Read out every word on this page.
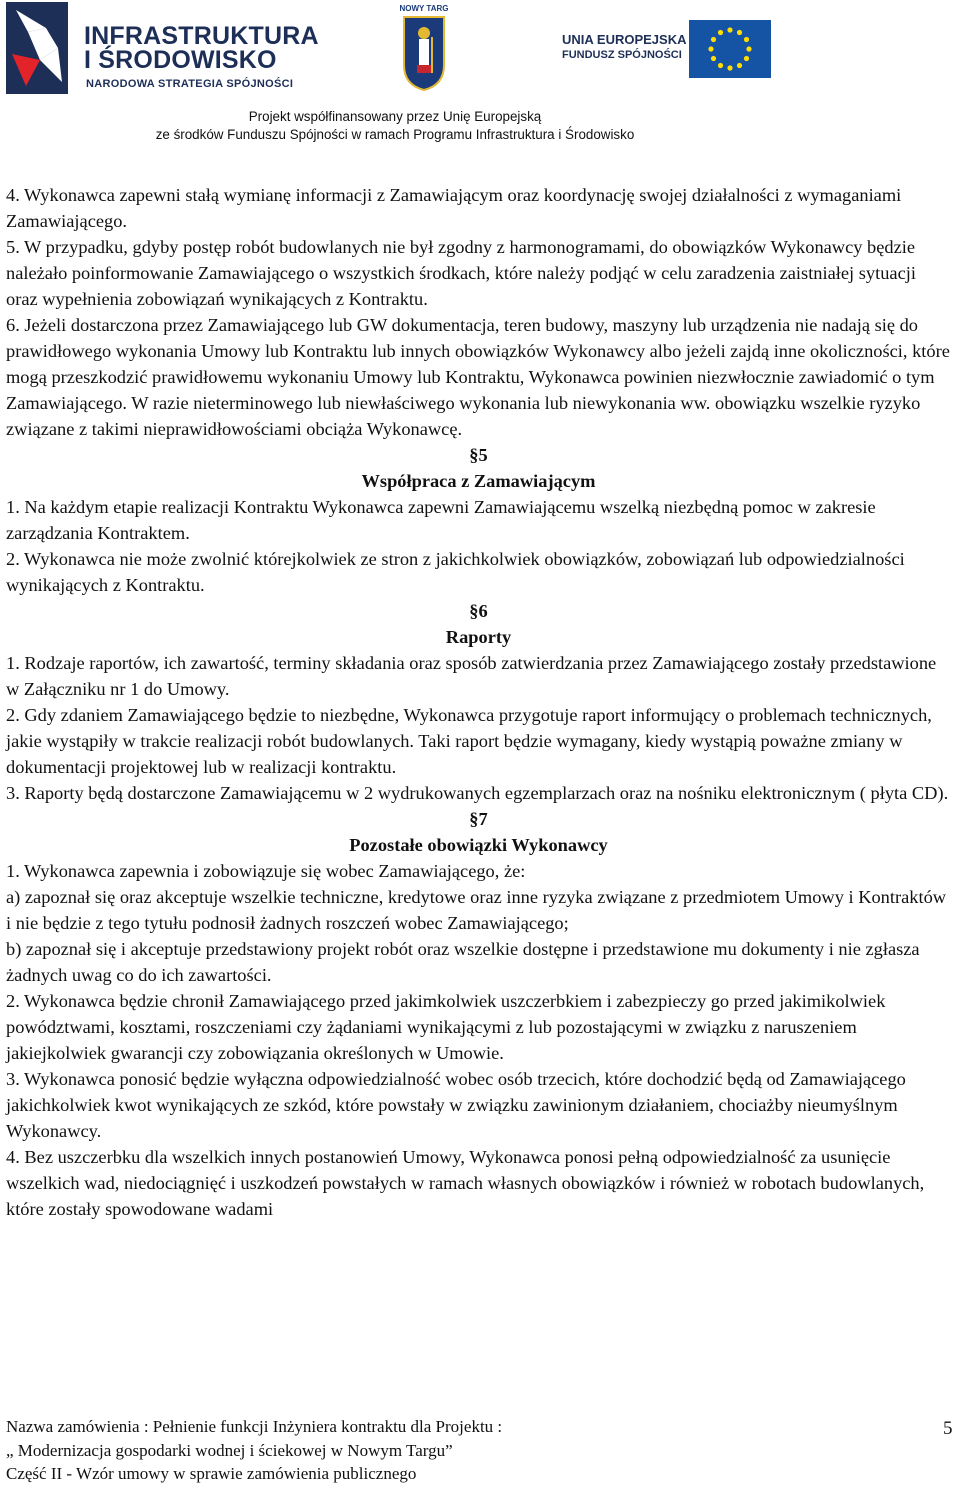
INFRASTRUKTURA
I ŚRODOWISKO
NARODOWA STRATEGIA SPÓJNOŚCI
NOWY TARG
UNIA EUROPEJSKA
FUNDUSZ SPÓJNOŚCI
Projekt współfinansowany przez Unię Europejską
ze środków Funduszu Spójności w ramach Programu Infrastruktura i Środowisko

4. Wykonawca zapewni stałą wymianę informacji z Zamawiającym oraz koordynację swojej działalności z wymaganiami Zamawiającego.

5. W przypadku, gdyby postęp robót budowlanych nie był zgodny z harmonogramami, do obowiązków Wykonawcy będzie należało poinformowanie Zamawiającego o wszystkich środkach, które należy podjąć w celu zaradzenia zaistniałej sytuacji oraz wypełnienia zobowiązań wynikających z Kontraktu.

6. Jeżeli dostarczona przez Zamawiającego lub GW dokumentacja, teren budowy, maszyny lub urządzenia nie nadają się do prawidłowego wykonania Umowy lub Kontraktu lub innych obowiązków Wykonawcy albo jeżeli zajdą inne okoliczności, które mogą przeszkodzić prawidłowemu wykonaniu Umowy lub Kontraktu, Wykonawca powinien niezwłocznie zawiadomić o tym Zamawiającego. W razie nieterminowego lub niewłaściwego wykonania lub niewykonania ww. obowiązku wszelkie ryzyko związane z takimi nieprawidłowościami obciąża Wykonawcę.

§5

Współpraca z Zamawiającym

1. Na każdym etapie realizacji Kontraktu Wykonawca zapewni Zamawiającemu wszelką niezbędną pomoc w zakresie zarządzania Kontraktem.

2. Wykonawca nie może zwolnić którejkolwiek ze stron z jakichkolwiek obowiązków, zobowiązań lub odpowiedzialności wynikających z Kontraktu.

§6

Raporty

1. Rodzaje raportów, ich zawartość, terminy składania oraz sposób zatwierdzania przez Zamawiającego zostały przedstawione w Załączniku nr 1 do Umowy.

2. Gdy zdaniem Zamawiającego będzie to niezbędne, Wykonawca przygotuje raport informujący o problemach technicznych, jakie wystąpiły w trakcie realizacji robót budowlanych. Taki raport będzie wymagany, kiedy wystąpią poważne zmiany w dokumentacji projektowej lub w realizacji kontraktu.

3. Raporty będą dostarczone Zamawiającemu w 2 wydrukowanych egzemplarzach oraz na nośniku elektronicznym ( płyta CD).

§7

Pozostałe obowiązki Wykonawcy

1. Wykonawca zapewnia i zobowiązuje się wobec Zamawiającego, że:

a) zapoznał się oraz akceptuje wszelkie techniczne, kredytowe oraz inne ryzyka związane z przedmiotem Umowy i Kontraktów i nie będzie z tego tytułu podnosił żadnych roszczeń wobec Zamawiającego;

b) zapoznał się i akceptuje przedstawiony projekt robót oraz wszelkie dostępne i przedstawione mu dokumenty i nie zgłasza żadnych uwag co do ich zawartości.

2. Wykonawca będzie chronił Zamawiającego przed jakimkolwiek uszczerbkiem i zabezpieczy go przed jakimikolwiek powództwami, kosztami, roszczeniami czy żądaniami wynikającymi z lub pozostającymi w związku z naruszeniem jakiejkolwiek gwarancji czy zobowiązania określonych w Umowie.

3. Wykonawca ponosić będzie wyłączna odpowiedzialność wobec osób trzecich, które dochodzić będą od Zamawiającego jakichkolwiek kwot wynikających ze szkód, które powstały w związku zawinionym działaniem, chociażby nieumyślnym Wykonawcy.

4. Bez uszczerbku dla wszelkich innych postanowień Umowy, Wykonawca ponosi pełną odpowiedzialność za usunięcie wszelkich wad, niedociągnięć i uszkodzeń powstałych w ramach własnych obowiązków i również w robotach budowlanych, które zostały spowodowane wadami

Nazwa zamówienia : Pełnienie funkcji Inżyniera kontraktu dla Projektu :

„ Modernizacja gospodarki wodnej i ściekowej w Nowym Targu”

Część II - Wzór umowy w sprawie zamówienia publicznego

5
